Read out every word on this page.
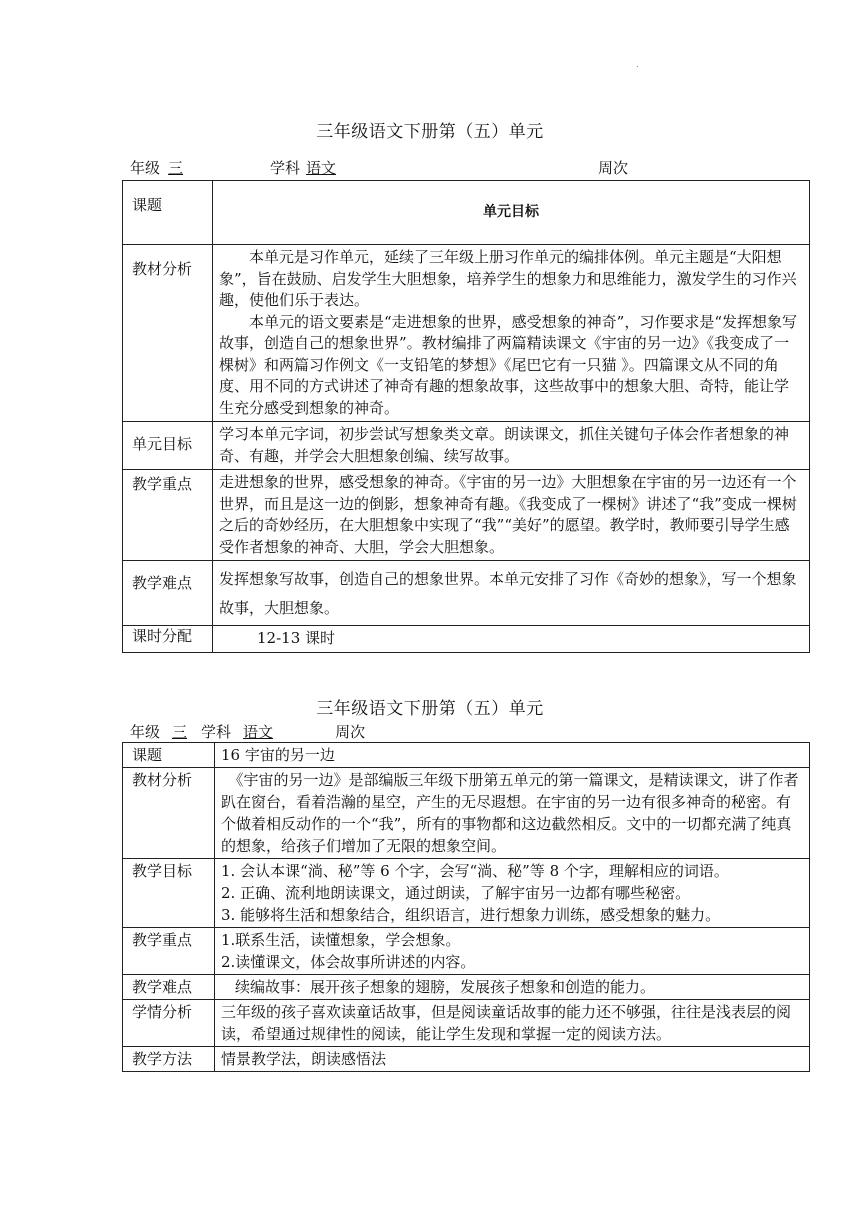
.
三年级语文下册第（五）单元
年级 三	学科 语文	周次
课题	单元目标
教材分析	本单元是习作单元，延续了三年级上册习作单元的编排体例。单元主题是“大阳想象”，旨在鼓励、启发学生大胆想象，培养学生的想象力和思维能力，激发学生的习作兴趣，使他们乐于表达。

本单元的语文要素是“走进想象的世界，感受想象的神奇”，习作要求是“发挥想象写故事，创造自己的想象世界”。教材编排了两篇精读课文《宇宙的另一边》《我变成了一棵树》和两篇习作例文《一支铅笔的梦想》《尾巴它有一只猫 》。四篇课文从不同的角度、用不同的方式讲述了神奇有趣的想象故事，这些故事中的想象大胆、奇特，能让学生充分感受到想象的神奇。

单元目标	学习本单元字词，初步尝试写想象类文章。朗读课文，抓住关键句子体会作者想象的神奇、有趣，并学会大胆想象创编、续写故事。
教学重点	走进想象的世界，感受想象的神奇。《宇宙的另一边》大胆想象在宇宙的另一边还有一个世界，而且是这一边的倒影，想象神奇有趣。《我变成了一棵树》讲述了“我”变成一棵树之后的奇妙经历，在大胆想象中实现了“我”“美好”的愿望。教学时，教师要引导学生感受作者想象的神奇、大胆，学会大胆想象。
教学难点	发挥想象写故事，创造自己的想象世界。本单元安排了习作《奇妙的想象》，写一个想象故事，大胆想象。
课时分配	12-13 课时
三年级语文下册第（五）单元
年级 三 学科 语文	周次
课题	16 宇宙的另一边
教材分析	《宇宙的另一边》是部编版三年级下册第五单元的第一篇课文，是精读课文，讲了作者趴在窗台，看着浩瀚的星空，产生的无尽遐想。在宇宙的另一边有很多神奇的秘密。有个做着相反动作的一个“我”，所有的事物都和这边截然相反。文中的一切都充满了纯真的想象，给孩子们增加了无限的想象空间。
教学目标	1. 会认本课“淌、秘”等 6 个字，会写“淌、秘”等 8 个字，理解相应的词语。
2. 正确、流利地朗读课文，通过朗读，了解宇宙另一边都有哪些秘密。
3. 能够将生活和想象结合，组织语言，进行想象力训练，感受想象的魅力。

教学重点	1.联系生活，读懂想象，学会想象。
2.读懂课文，体会故事所讲述的内容。

教学难点	续编故事：展开孩子想象的翅膀，发展孩子想象和创造的能力。
学情分析	三年级的孩子喜欢读童话故事，但是阅读童话故事的能力还不够强，往往是浅表层的阅读，希望通过规律性的阅读，能让学生发现和掌握一定的阅读方法。
教学方法	情景教学法，朗读感悟法
